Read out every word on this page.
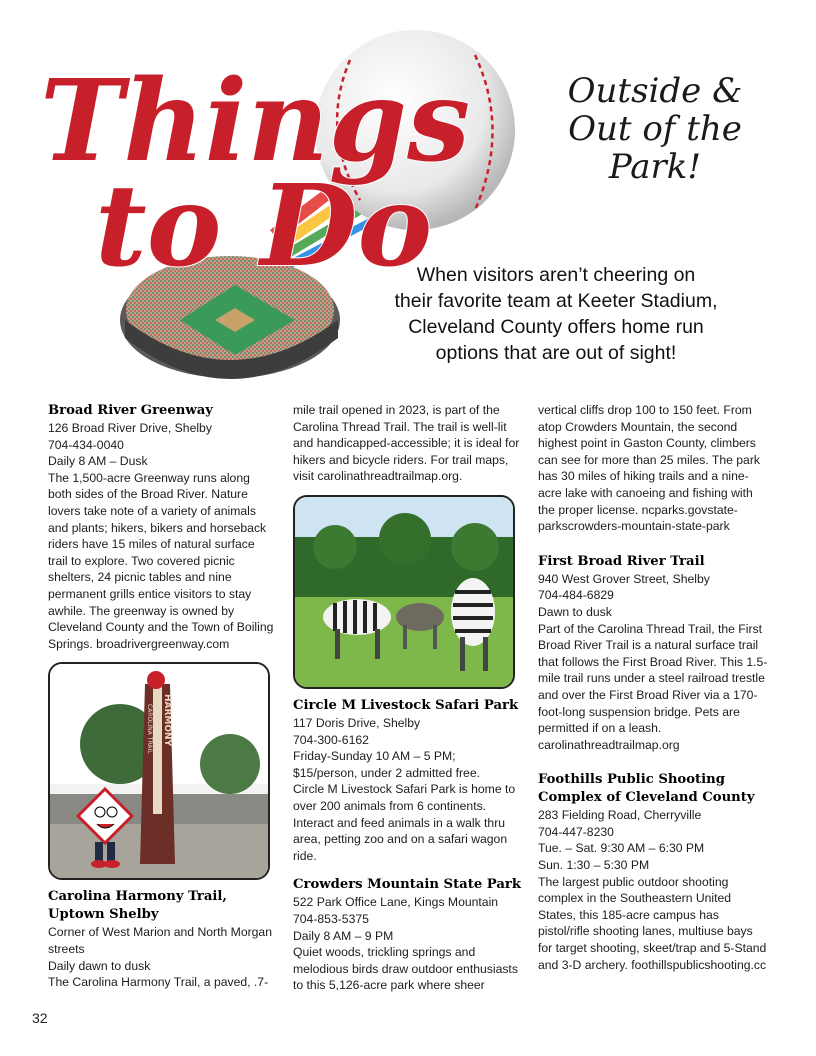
Things
to Do
Outside &
Out of the
Park!
When visitors aren’t cheering on
their favorite team at Keeter Stadium,
Cleveland County offers home run
options that are out of sight!
Broad River Greenway
126 Broad River Drive, Shelby
704-434-0040
Daily 8 AM – Dusk

The 1,500-acre Greenway runs along both sides of the Broad River. Nature lovers take note of a variety of animals and plants; hikers, bikers and horseback riders have 15 miles of natural surface trail to explore. Two covered picnic shelters, 24 picnic tables and nine permanent grills entice visitors to stay awhile. The greenway is owned by Cleveland County and the Town of Boiling Springs. broadrivergreenway.com

HARMONY
CAROLINA TRAIL
Carolina Harmony Trail,
Uptown Shelby
Corner of West Marion and North Morgan streets
Daily dawn to dusk

The Carolina Harmony Trail, a paved, .7-

mile trail opened in 2023, is part of the Carolina Thread Trail. The trail is well-lit and handicapped-accessible; it is ideal for hikers and bicycle riders. For trail maps, visit carolinathreadtrailmap.org.

Circle M Livestock Safari Park
117 Doris Drive, Shelby
704-300-6162
Friday-Sunday 10 AM – 5 PM;
$15/person, under 2 admitted free.

Circle M Livestock Safari Park is home to over 200 animals from 6 continents. Interact and feed animals in a walk thru area, petting zoo and on a safari wagon ride.

Crowders Mountain State Park
522 Park Office Lane, Kings Mountain
704-853-5375
Daily 8 AM – 9 PM

Quiet woods, trickling springs and melodious birds draw outdoor enthusiasts to this 5,126-acre park where sheer

vertical cliffs drop 100 to 150 feet. From atop Crowders Mountain, the second highest point in Gaston County, climbers can see for more than 25 miles. The park has 30 miles of hiking trails and a nine-acre lake with canoeing and fishing with the proper license. ncparks.govstate-parkscrowders-mountain-state-park

First Broad River Trail
940 West Grover Street, Shelby
704-484-6829
Dawn to dusk

Part of the Carolina Thread Trail, the First Broad River Trail is a natural surface trail that follows the First Broad River. This 1.5-mile trail runs under a steel railroad trestle and over the First Broad River via a 170-foot-long suspension bridge. Pets are permitted if on a leash. carolinathreadtrailmap.org

Foothills Public Shooting
Complex of Cleveland County
283 Fielding Road, Cherryville
704-447-8230
Tue. – Sat. 9:30 AM – 6:30 PM
Sun. 1:30 – 5:30 PM

The largest public outdoor shooting complex in the Southeastern United States, this 185-acre campus has pistol/rifle shooting lanes, multiuse bays for target shooting, skeet/trap and 5-Stand and 3-D archery. foothillspublicshooting.cc

32
